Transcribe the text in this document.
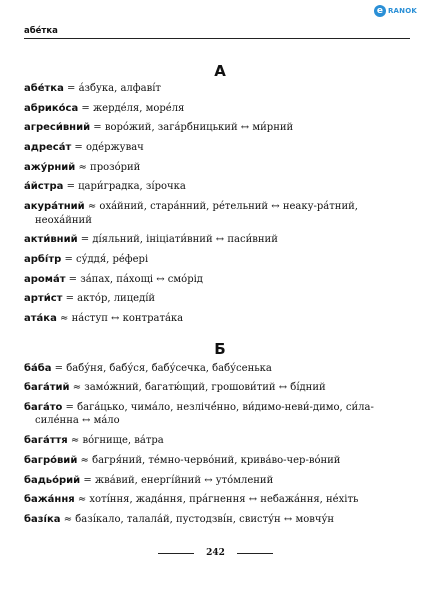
e RANOK
абе́тка
А

абе́тка = а́збука, алфаві́т

абрико́са = жерде́ля, море́ля

агреси́вний = воро́жий, зага́рбницький ↔ ми́рний

адреса́т = оде́ржувач

ажу́рний ≈ прозо́рий

а́йстра = цари́градка, зі́рочка

акура́тний ≈ оха́йний, стара́нний, ре́тельний ↔ неаку-ра́тний, неоха́йний

акти́вний = ді́яльний, ініціати́вний ↔ паси́вний

арбі́тр = су́ддя́, ре́фері

арома́т = за́пах, па́хощі ↔ смо́рід

арти́ст = акто́р, лицеді́й

ата́ка ≈ на́ступ ↔ контрата́ка

Б

ба́ба = бабу́ня, бабу́ся, бабу́сечка, бабу́сенька

бага́тий ≈ замо́жний, багатю́щий, грошови́тий ↔ бі́дний

бага́то = бага́цько, чима́ло, незлічé́нно, ви́димо-неви́-димо, си́ла-силе́нна ↔ ма́ло

бага́ття ≈ во́гнище, ва́тра

багро́вий ≈ багря́ний, те́мно-черво́ний, крива́во-чер-во́ний

бадьо́рий = жва́вий, енергі́йний ↔ уто́млений

бажа́ння ≈ хоті́ння, жада́ння, пра́гнення ↔ небажа́ння, не́хіть

базі́ка ≈ базі́кало, талала́й, пустодзві́н, свисту́н ↔ мовчу́н

242
